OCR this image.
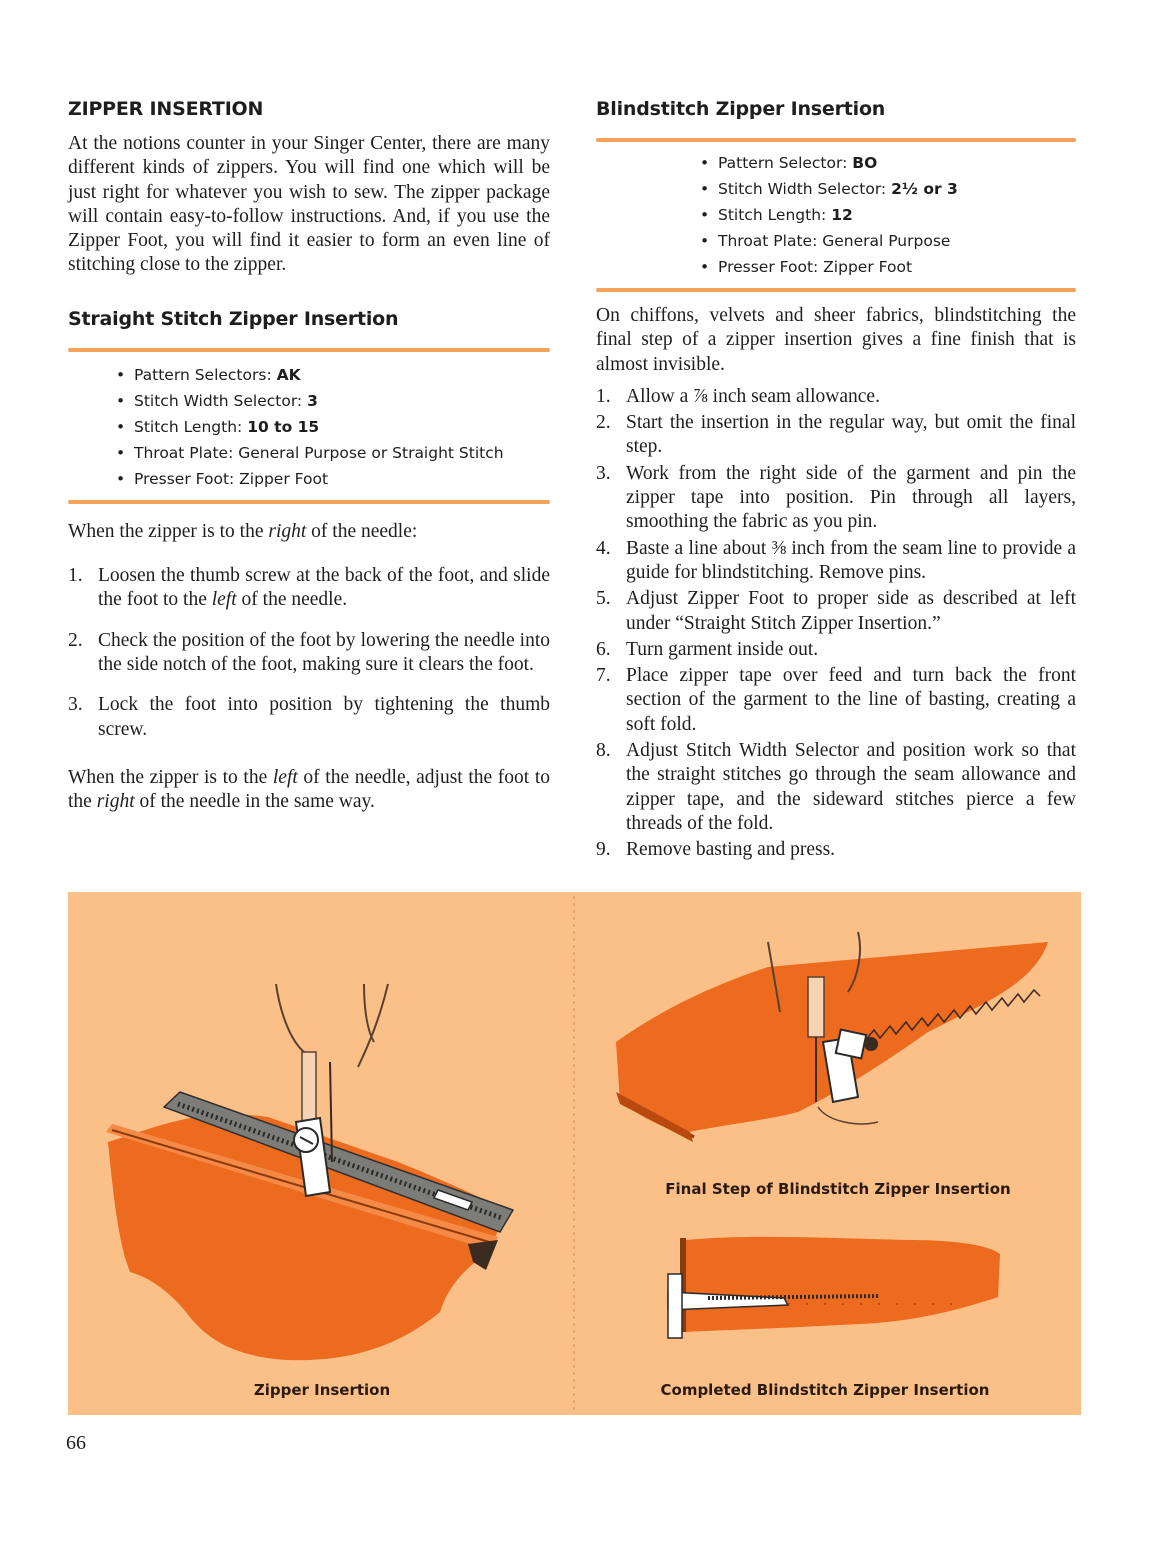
ZIPPER INSERTION

At the notions counter in your Singer Center, there are many different kinds of zippers. You will find one which will be just right for whatever you wish to sew. The zipper package will contain easy-to-follow instructions. And, if you use the Zipper Foot, you will find it easier to form an even line of stitching close to the zipper.

Straight Stitch Zipper Insertion
• Pattern Selectors: AK
• Stitch Width Selector: 3
• Stitch Length: 10 to 15
• Throat Plate: General Purpose or Straight Stitch
• Presser Foot: Zipper Foot

When the zipper is to the right of the needle:

1. Loosen the thumb screw at the back of the foot, and slide the foot to the left of the needle.
2. Check the position of the foot by lowering the needle into the side notch of the foot, making sure it clears the foot.
3. Lock the foot into position by tightening the thumb screw.

When the zipper is to the left of the needle, adjust the foot to the right of the needle in the same way.

Blindstitch Zipper Insertion
• Pattern Selector: BO
• Stitch Width Selector: 2½ or 3
• Stitch Length: 12
• Throat Plate: General Purpose
• Presser Foot: Zipper Foot

On chiffons, velvets and sheer fabrics, blindstitching the final step of a zipper insertion gives a fine finish that is almost invisible.

1. Allow a ⅞ inch seam allowance.
2. Start the insertion in the regular way, but omit the final step.
3. Work from the right side of the garment and pin the zipper tape into position. Pin through all layers, smoothing the fabric as you pin.
4. Baste a line about ⅜ inch from the seam line to provide a guide for blindstitching. Remove pins.
5. Adjust Zipper Foot to proper side as described at left under “Straight Stitch Zipper Insertion.”
6. Turn garment inside out.
7. Place zipper tape over feed and turn back the front section of the garment to the line of basting, creating a soft fold.
8. Adjust Stitch Width Selector and position work so that the straight stitches go through the seam allowance and zipper tape, and the sideward stitches pierce a few threads of the fold.
9. Remove basting and press.
Final Step of Blindstitch Zipper Insertion
Completed Blindstitch Zipper Insertion
Zipper Insertion
66
